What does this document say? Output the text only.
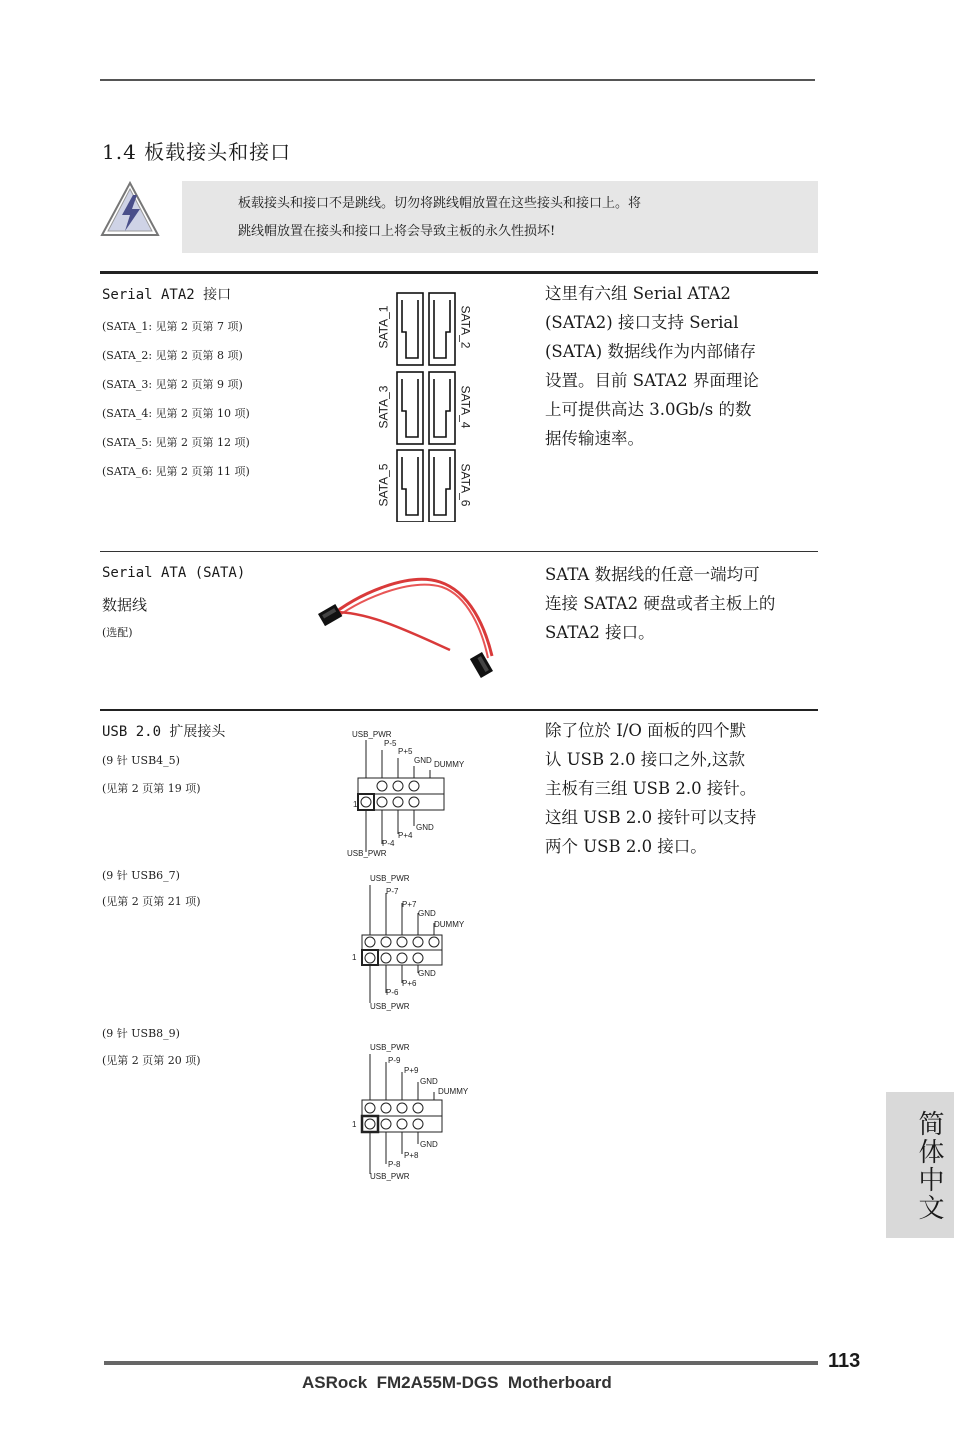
1.4 板载接头和接口
板载接头和接口不是跳线。切勿将跳线帽放置在这些接头和接口上。将
跳线帽放置在接头和接口上将会导致主板的永久性损坏!
Serial ATA2 接口
(SATA_1: 见第 2 页第 7 项)
(SATA_2: 见第 2 页第 8 项)
(SATA_3: 见第 2 页第 9 项)
(SATA_4: 见第 2 页第 10 项)
(SATA_5: 见第 2 页第 12 项)
(SATA_6: 见第 2 页第 11 项)
SATA_1	SATA_2
SATA_3	SATA_4
SATA_5	SATA_6
这里有六组 Serial ATA2
(SATA2) 接口支持 Serial
(SATA) 数据线作为内部储存
设置。目前 SATA2 界面理论
上可提供高达 3.0Gb/s 的数
据传输速率。
Serial ATA (SATA)
数据线
(选配)
SATA 数据线的任意一端均可
连接 SATA2 硬盘或者主板上的
SATA2 接口。
USB 2.0 扩展接头
(9 针 USB4_5)
(见第 2 页第 19 项)
(9 针 USB6_7)
(见第 2 页第 21 项)
(9 针 USB8_9)
(见第 2 页第 20 项)
除了位於 I/O 面板的四个默
认 USB 2.0 接口之外,这款
主板有三组 USB 2.0 接针。
这组 USB 2.0 接针可以支持
两个 USB 2.0 接口。
USB_PWR
P-5
P+5
GND DUMMY
1
GND
P+4
P-4
USB_PWR
USB_PWR
P-7
P+7
GND
DUMMY
1
GND
P+6
P-6
USB_PWR
USB_PWR
P-9
P+9
GND
DUMMY
1
GND
P+8
P-8
USB_PWR	简体中文
113
ASRock  FM2A55M-DGS  Motherboard
